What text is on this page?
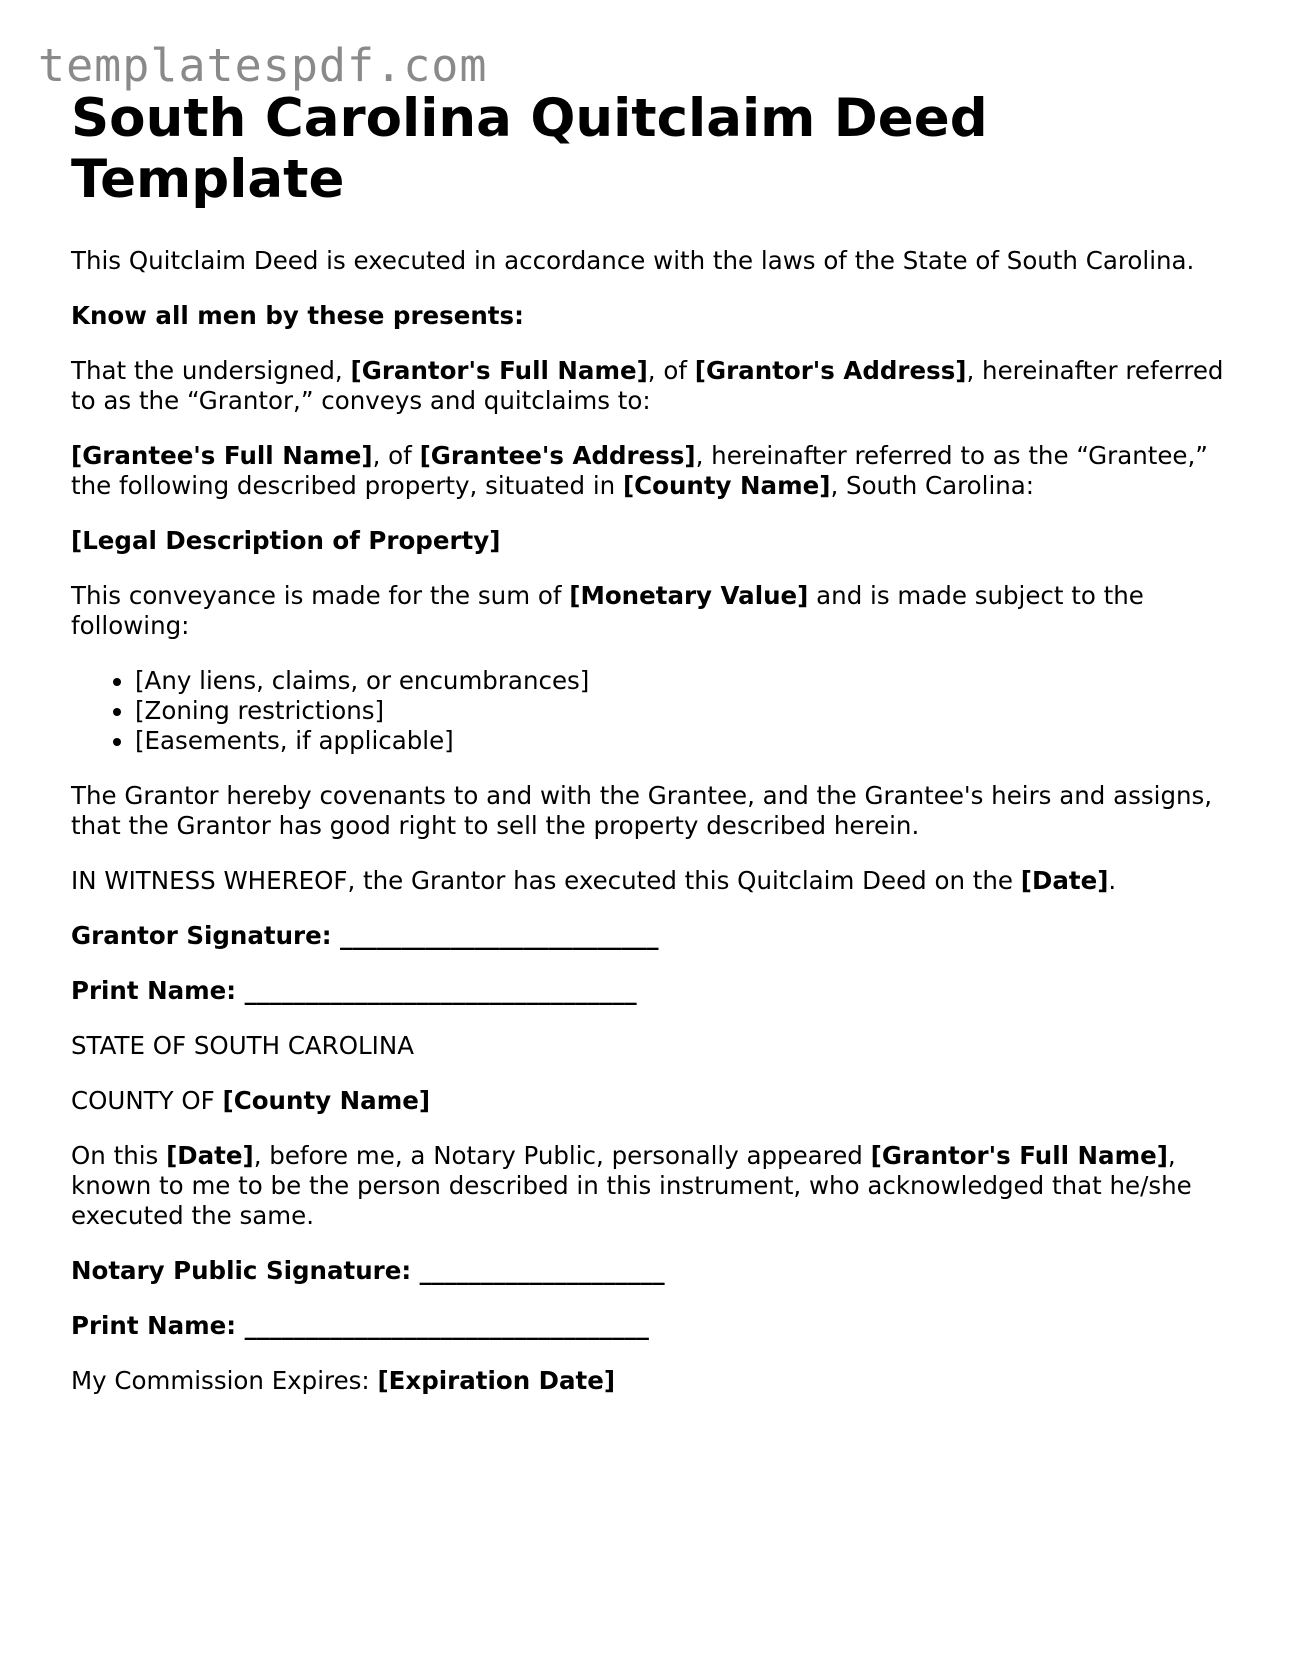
templatespdf.com
South Carolina Quitclaim Deed Template

This Quitclaim Deed is executed in accordance with the laws of the State of South Carolina.

Know all men by these presents:

That the undersigned, [Grantor's Full Name], of [Grantor's Address], hereinafter referred to as the “Grantor,” conveys and quitclaims to:

[Grantee's Full Name], of [Grantee's Address], hereinafter referred to as the “Grantee,” the following described property, situated in [County Name], South Carolina:

[Legal Description of Property]

This conveyance is made for the sum of [Monetary Value] and is made subject to the following:

• [Any liens, claims, or encumbrances]
• [Zoning restrictions]
• [Easements, if applicable]

The Grantor hereby covenants to and with the Grantee, and the Grantee's heirs and assigns, that the Grantor has good right to sell the property described herein.

IN WITNESS WHEREOF, the Grantor has executed this Quitclaim Deed on the [Date].

Grantor Signature: __________________________

Print Name: ________________________________

STATE OF SOUTH CAROLINA

COUNTY OF [County Name]

On this [Date], before me, a Notary Public, personally appeared [Grantor's Full Name], known to me to be the person described in this instrument, who acknowledged that he/she executed the same.

Notary Public Signature: ____________________

Print Name: _________________________________

My Commission Expires: [Expiration Date]
